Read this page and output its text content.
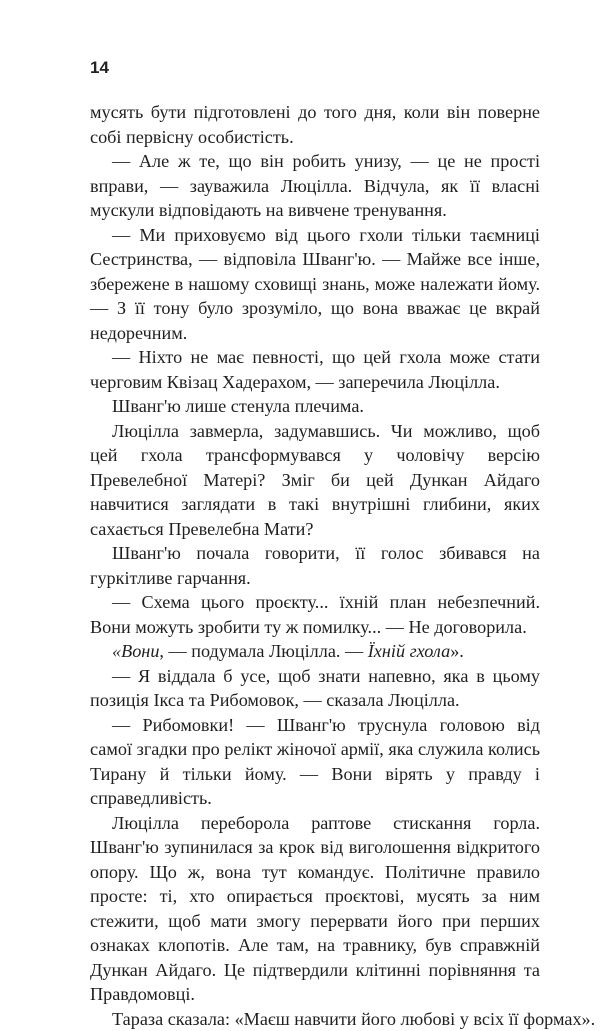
14

мусять бути підготовлені до того дня, коли він поверне собі первісну особистість.

— Але ж те, що він робить унизу, — це не прості вправи, — зауважила Люцілла. Відчула, як її власні мускули відповідають на вивчене тренування.

— Ми приховуємо від цього гхоли тільки таємниці Сестринства, — відповіла Шванг'ю. — Майже все інше, збережене в нашому сховищі знань, може належати йому. — З її тону було зрозуміло, що вона вважає це вкрай недоречним.

— Ніхто не має певності, що цей гхола може стати черговим Квізац Хадерахом, — заперечила Люцілла.

Шванг'ю лише стенула плечима.

Люцілла завмерла, задумавшись. Чи можливо, щоб цей гхола трансформувався у чоловічу версію Превелебної Матері? Зміг би цей Дункан Айдаго навчитися заглядати в такі внутрішні глибини, яких сахається Превелебна Мати?

Шванг'ю почала говорити, її голос збивався на гуркітливе гарчання.

— Схема цього проєкту... їхній план небезпечний. Вони можуть зробити ту ж помилку... — Не договорила.

«Вони, — подумала Люцілла. — Їхній гхола».

— Я віддала б усе, щоб знати напевно, яка в цьому позиція Ікса та Рибомовок, — сказала Люцілла.

— Рибомовки! — Шванг'ю труснула головою від самої згадки про релікт жіночої армії, яка служила колись Тирану й тільки йому. — Вони вірять у правду і справедливість.

Люцілла переборола раптове стискання горла. Шванг'ю зупинилася за крок від виголошення відкритого опору. Що ж, вона тут командує. Політичне правило просте: ті, хто опирається проєктові, мусять за ним стежити, щоб мати змогу перервати його при перших ознаках клопотів. Але там, на травнику, був справжній Дункан Айдаго. Це підтвердили клітинні порівняння та Правдомовці.

Тараза сказала: «Маєш навчити його любові у всіх її формах».
